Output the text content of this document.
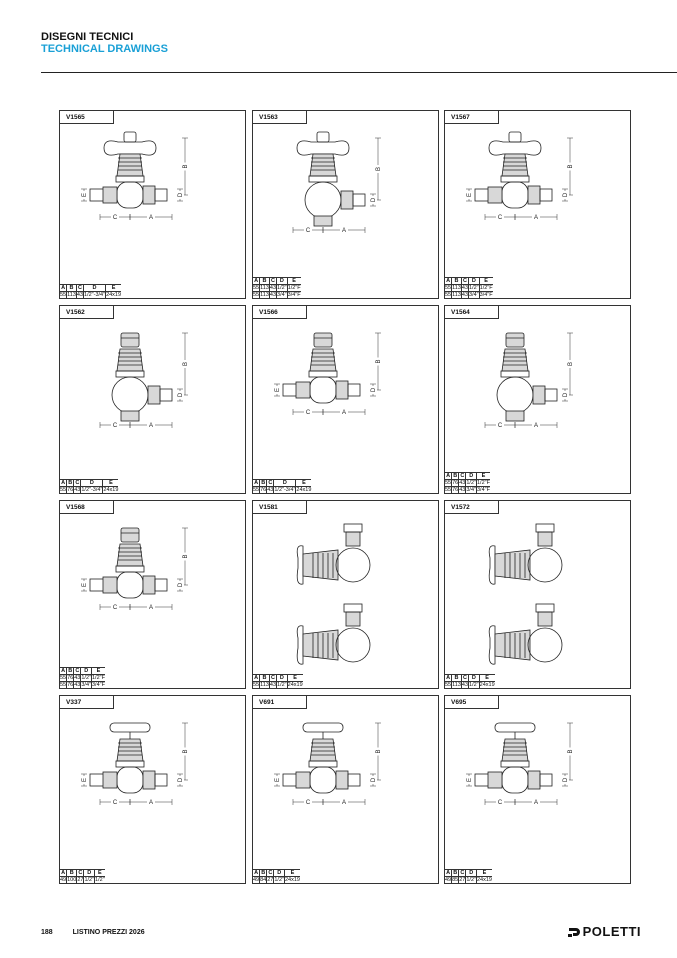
DISEGNI TECNICI
TECHNICAL DRAWINGS
V1565
B
D
E
C	A
A	B	C	D	E
55	113	43	1/2"-3/4"	24x19
V1563
B
D
C	A
A	B	C	D	E
55	113	43	1/2"	1/2"F
55	113	43	3/4"	3/4"F
V1567
B
D
E
C	A
A	B	C	D	E
55	113	43	1/2"	1/2"F
55	113	43	3/4"	3/4"F
V1562
B
D
C	A
A	B	C	D	E
55	76	43	1/2"-3/4"	24x19
V1566
B
D
E
C	A
A	B	C	D	E
55	76	43	1/2"-3/4"	24x19
V1564
B
D
C	A
A	B	C	D	E
55	76	43	1/2"	1/2"F
55	76	43	3/4"	3/4"F
V1568
B
D
E
C	A
A	B	C	D	E
55	76	43	1/2"	1/2"F
55	76	43	3/4"	3/4"F
V1581
A	B	C	D	E
55	113	43	1/2"	24x19
V1572
A	B	C	D	E
55	113	43	1/2"	24x19
V337
B
D
E
C	A
A	B	C	D	E
49	100	27	1/2"	1/2"
V691
B
D
E
C	A
A	B	C	D	E
49	84	27	1/2"	24x19
V695
B
D
E
C	A
A	B	C	D	E
49	85	27	1/2"	24x19
188	LISTINO PREZZI 2026	POLETTI
